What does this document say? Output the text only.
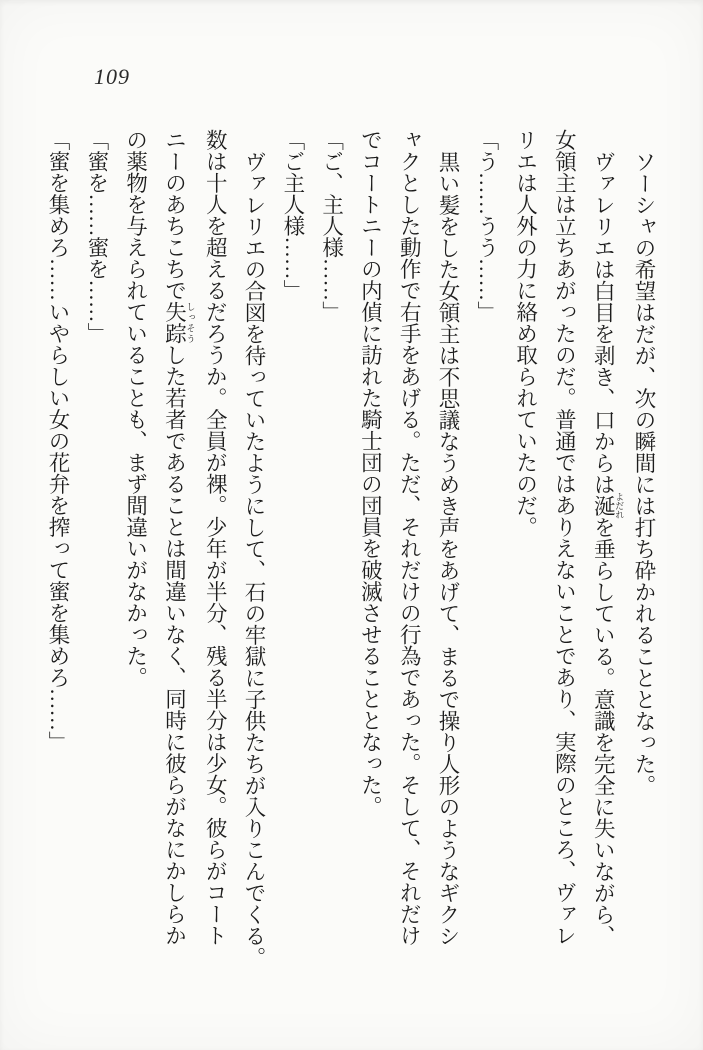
109

ソーシャの希望はだが、次の瞬間には打ち砕かれることとなった。

ヴァレリエは白目を剥き、口からは涎 よだれを垂らしている。意識を完全に失いながら、

女領主は立ちあがったのだ。普通ではありえないことであり、実際のところ、ヴァレ

リエは人外の力に絡め取られていたのだ。

「う……うう……」

黒い髪をした女領主は不思議なうめき声をあげて、まるで操り人形のようなギクシ

ャクとした動作で右手をあげる。ただ、それだけの行為であった。そして、それだけ

でコートニーの内偵に訪れた騎士団の団員を破滅させることとなった。

「ご、主人様……」

「ご主人様……」

ヴァレリエの合図を待っていたようにして、石の牢獄に子供たちが入りこんでくる。

数は十人を超えるだろうか。全員が裸。少年が半分、残る半分は少女。彼らがコート

ニーのあちこちで失踪 しっそうした若者であることは間違いなく、同時に彼らがなにかしらか

の薬物を与えられていることも、まず間違いがなかった。

「蜜を……蜜を……」

「蜜を集めろ……いやらしい女の花弁を搾って蜜を集めろ……」
